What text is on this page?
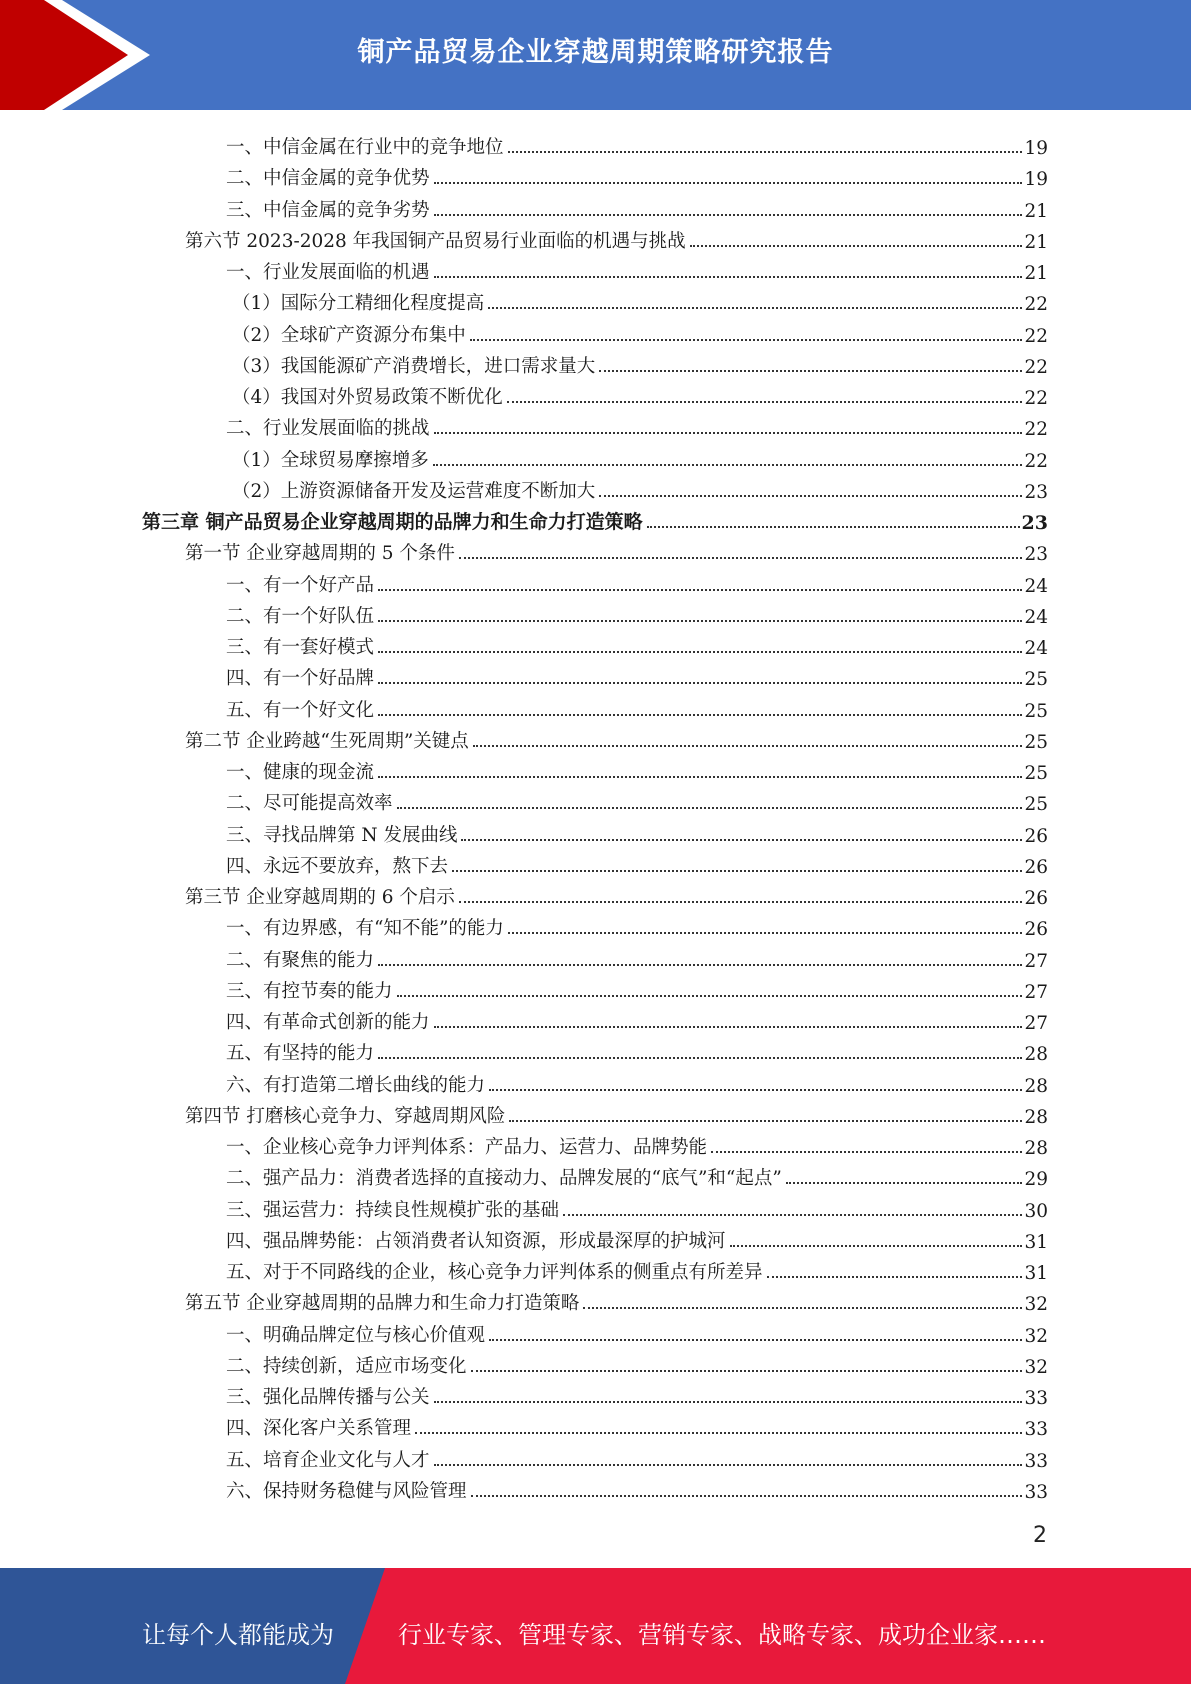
铜产品贸易企业穿越周期策略研究报告
一、中信金属在行业中的竞争地位	19
二、中信金属的竞争优势	19
三、中信金属的竞争劣势	21
第六节 2023-2028 年我国铜产品贸易行业面临的机遇与挑战	21
一、行业发展面临的机遇	21
（1）国际分工精细化程度提高	22
（2）全球矿产资源分布集中	22
（3）我国能源矿产消费增长，进口需求量大	22
（4）我国对外贸易政策不断优化	22
二、行业发展面临的挑战	22
（1）全球贸易摩擦增多	22
（2）上游资源储备开发及运营难度不断加大	23
第三章 铜产品贸易企业穿越周期的品牌力和生命力打造策略	23
第一节 企业穿越周期的 5 个条件	23
一、有一个好产品	24
二、有一个好队伍	24
三、有一套好模式	24
四、有一个好品牌	25
五、有一个好文化	25
第二节 企业跨越“生死周期”关键点	25
一、健康的现金流	25
二、尽可能提高效率	25
三、寻找品牌第 N 发展曲线	26
四、永远不要放弃，熬下去	26
第三节 企业穿越周期的 6 个启示	26
一、有边界感，有“知不能”的能力	26
二、有聚焦的能力	27
三、有控节奏的能力	27
四、有革命式创新的能力	27
五、有坚持的能力	28
六、有打造第二增长曲线的能力	28
第四节 打磨核心竞争力、穿越周期风险	28
一、企业核心竞争力评判体系：产品力、运营力、品牌势能	28
二、强产品力：消费者选择的直接动力、品牌发展的“底气”和“起点”	29
三、强运营力：持续良性规模扩张的基础	30
四、强品牌势能：占领消费者认知资源，形成最深厚的护城河	31
五、对于不同路线的企业，核心竞争力评判体系的侧重点有所差异	31
第五节 企业穿越周期的品牌力和生命力打造策略	32
一、明确品牌定位与核心价值观	32
二、持续创新，适应市场变化	32
三、强化品牌传播与公关	33
四、深化客户关系管理	33
五、培育企业文化与人才	33
六、保持财务稳健与风险管理	33
2
让每个人都能成为	行业专家、管理专家、营销专家、战略专家、成功企业家……
